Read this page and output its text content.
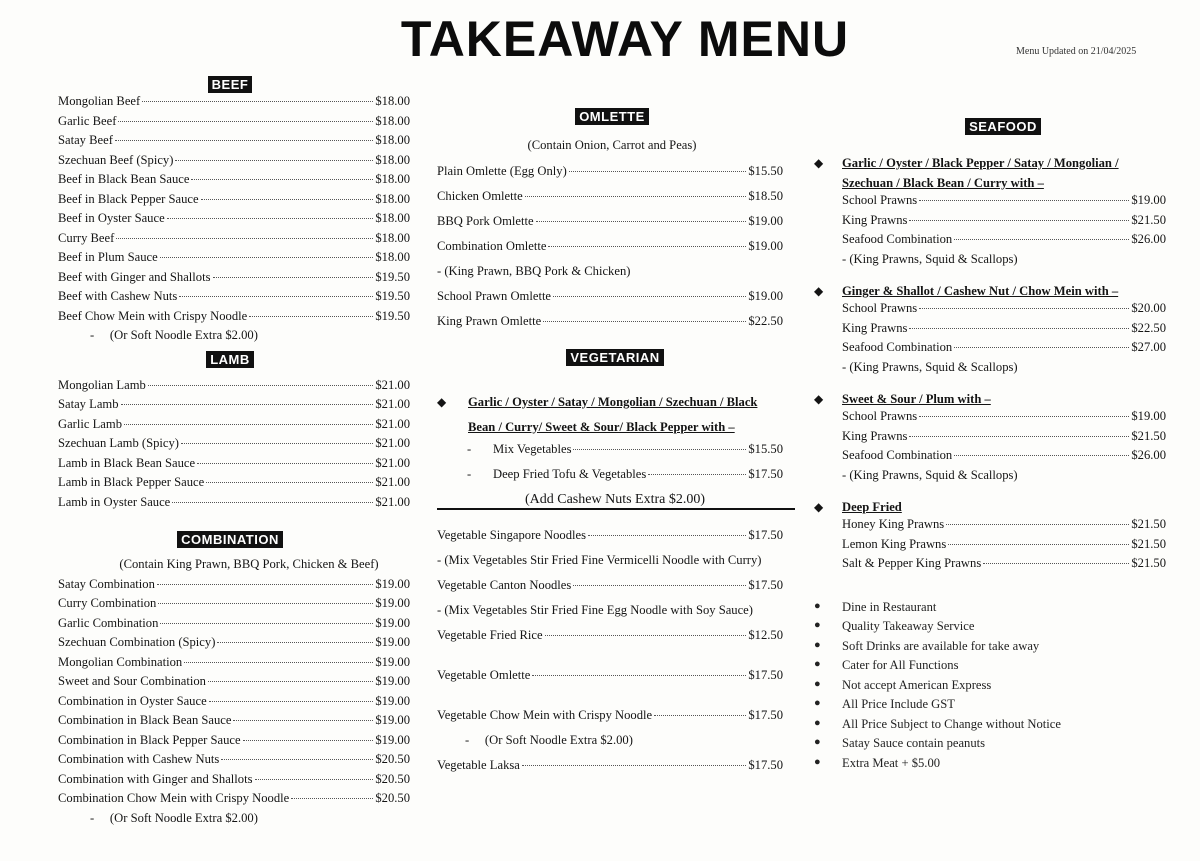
TAKEAWAY MENU	Menu Updated on 21/04/2025
BEEF
Mongolian Beef	$18.00
Garlic Beef	$18.00
Satay Beef	$18.00
Szechuan Beef (Spicy)	$18.00
Beef in Black Bean Sauce	$18.00
Beef in Black Pepper Sauce	$18.00
Beef in Oyster Sauce	$18.00
Curry Beef	$18.00
Beef in Plum Sauce	$18.00
Beef with Ginger and Shallots	$19.50
Beef with Cashew Nuts	$19.50
Beef Chow Mein with Crispy Noodle	$19.50
-     (Or Soft Noodle Extra $2.00)
LAMB
Mongolian Lamb	$21.00
Satay Lamb	$21.00
Garlic Lamb	$21.00
Szechuan Lamb (Spicy)	$21.00
Lamb in Black Bean Sauce	$21.00
Lamb in Black Pepper Sauce	$21.00
Lamb in Oyster Sauce	$21.00
COMBINATION
(Contain King Prawn, BBQ Pork, Chicken & Beef)
Satay Combination	$19.00
Curry Combination	$19.00
Garlic Combination	$19.00
Szechuan Combination (Spicy)	$19.00
Mongolian Combination	$19.00
Sweet and Sour Combination	$19.00
Combination in Oyster Sauce	$19.00
Combination in Black Bean Sauce	$19.00
Combination in Black Pepper Sauce	$19.00
Combination with Cashew Nuts	$20.50
Combination with Ginger and Shallots	$20.50
Combination Chow Mein with Crispy Noodle	$20.50
-     (Or Soft Noodle Extra $2.00)
OMLETTE
(Contain Onion, Carrot and Peas)
Plain Omlette (Egg Only)	$15.50
Chicken Omlette	$18.50
BBQ Pork Omlette	$19.00
Combination Omlette	$19.00
- (King Prawn, BBQ Pork & Chicken)
School Prawn Omlette	$19.00
King Prawn Omlette	$22.50
VEGETARIAN
◆ Garlic / Oyster / Satay / Mongolian / Szechuan / Black
Bean / Curry/ Sweet & Sour/ Black Pepper with –
-	Mix Vegetables	$15.50
-	Deep Fried Tofu & Vegetables	$17.50
(Add Cashew Nuts Extra $2.00)
Vegetable Singapore Noodles	$17.50
- (Mix Vegetables Stir Fried Fine Vermicelli Noodle with Curry)
Vegetable Canton Noodles	$17.50
- (Mix Vegetables Stir Fried Fine Egg Noodle with Soy Sauce)
Vegetable Fried Rice	$12.50
Vegetable Omlette	$17.50
Vegetable Chow Mein with Crispy Noodle	$17.50
-     (Or Soft Noodle Extra $2.00)
Vegetable Laksa	$17.50
SEAFOOD
◆ Garlic / Oyster / Black Pepper / Satay / Mongolian /
Szechuan / Black Bean / Curry with –
School Prawns	$19.00
King Prawns	$21.50
Seafood Combination	$26.00
- (King Prawns, Squid & Scallops)
◆ Ginger & Shallot / Cashew Nut / Chow Mein with –
School Prawns	$20.00
King Prawns	$22.50
Seafood Combination	$27.00
- (King Prawns, Squid & Scallops)
◆ Sweet & Sour / Plum with –
School Prawns	$19.00
King Prawns	$21.50
Seafood Combination	$26.00
- (King Prawns, Squid & Scallops)
◆ Deep Fried
Honey King Prawns	$21.50
Lemon King Prawns	$21.50
Salt & Pepper King Prawns	$21.50
● Dine in Restaurant
● Quality Takeaway Service
● Soft Drinks are available for take away
● Cater for All Functions
● Not accept American Express
● All Price Include GST
● All Price Subject to Change without Notice
● Satay Sauce contain peanuts
● Extra Meat + $5.00
